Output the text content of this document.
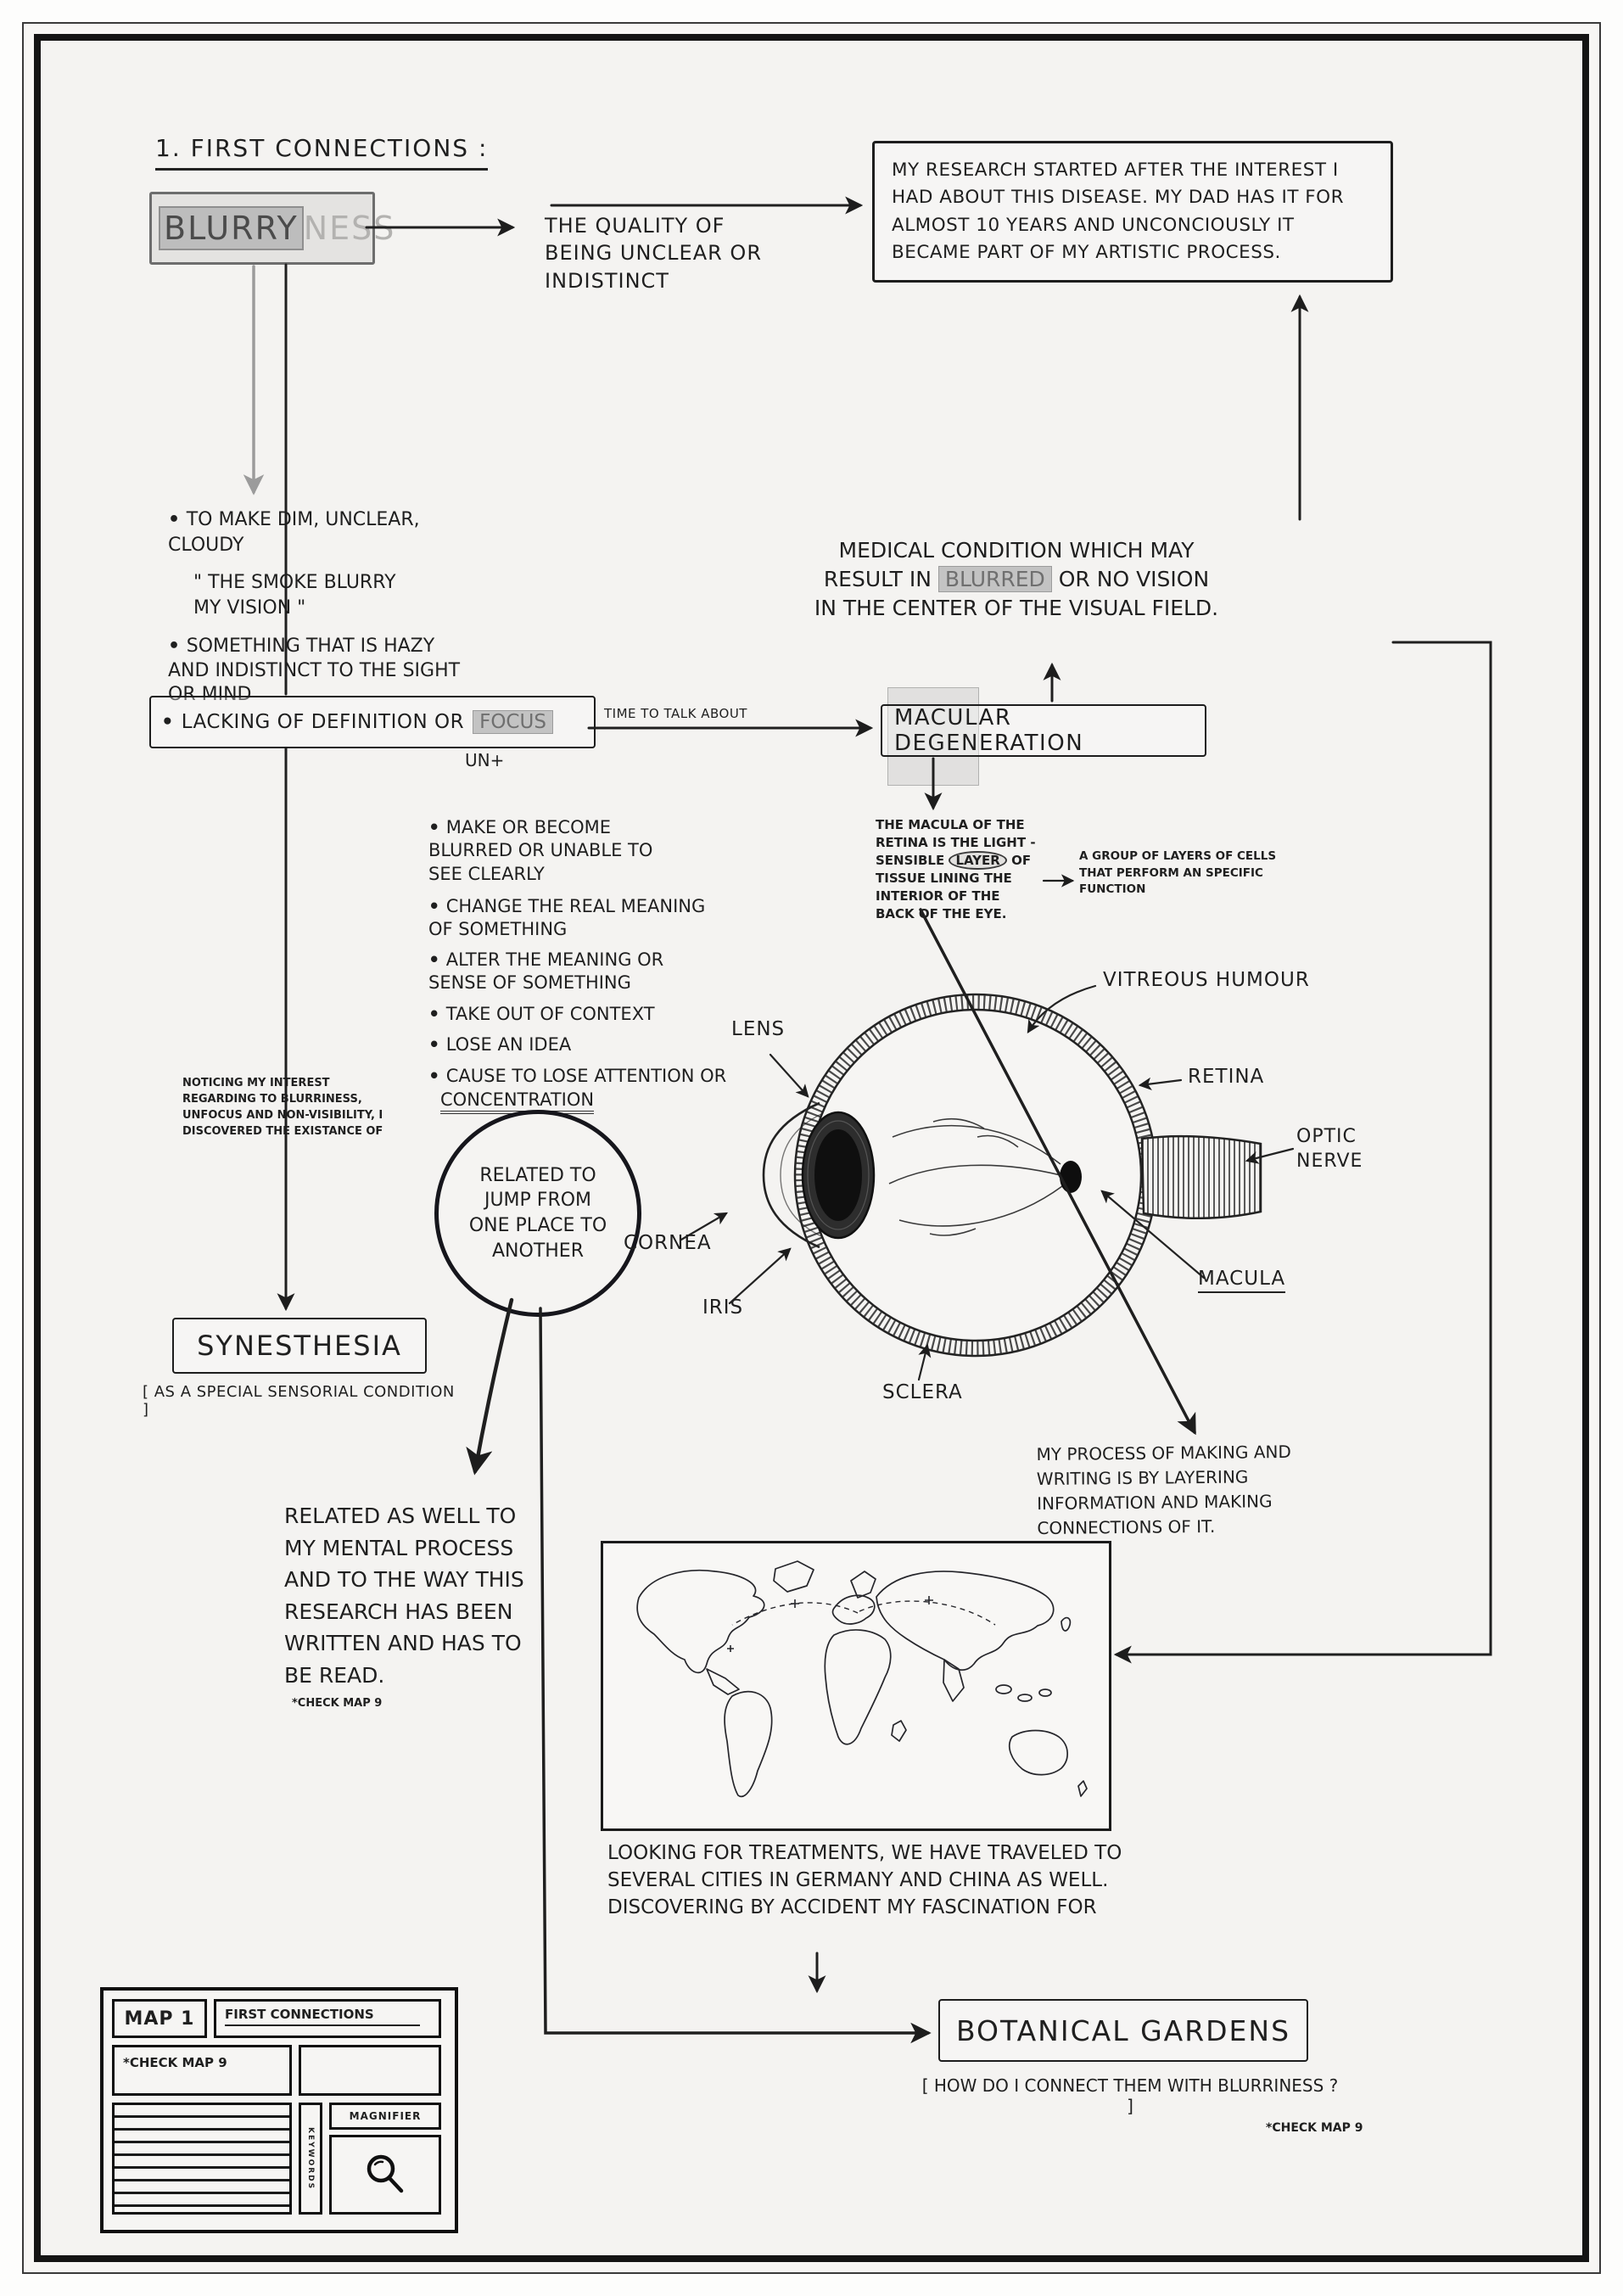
1. FIRST CONNECTIONS :
BLURRY NESS	THE QUALITY OF BEING UNCLEAR OR INDISTINCT
MY RESEARCH STARTED AFTER THE INTEREST I HAD ABOUT THIS DISEASE. MY DAD HAS IT FOR ALMOST 10 YEARS AND UNCONCIOUSLY IT BECAME PART OF MY ARTISTIC PROCESS.
• TO MAKE DIM, UNCLEAR, CLOUDY
" THE SMOKE BLURRY MY VISION "
• SOMETHING THAT IS HAZY AND INDISTINCT TO THE SIGHT OR MIND
• LACKING OF DEFINITION OR FOCUS
UN+
TIME TO TALK ABOUT	MACULAR DEGENERATION
MEDICAL CONDITION WHICH MAY RESULT IN BLURRED OR NO VISION IN THE CENTER OF THE VISUAL FIELD.
THE MACULA OF THE RETINA IS THE LIGHT - SENSIBLE LAYER OF TISSUE LINING THE INTERIOR OF THE BACK OF THE EYE.
A GROUP OF LAYERS OF CELLS THAT PERFORM AN SPECIFIC FUNCTION
• MAKE OR BECOME BLURRED OR UNABLE TO SEE CLEARLY
• CHANGE THE REAL MEANING OF SOMETHING
• ALTER THE MEANING OR SENSE OF SOMETHING
• TAKE OUT OF CONTEXT
• LOSE AN IDEA
• CAUSE TO LOSE ATTENTION OR
CONCENTRATION
RELATED TO JUMP FROM ONE PLACE TO ANOTHER
NOTICING MY INTEREST REGARDING TO BLURRINESS, UNFOCUS AND NON-VISIBILITY, I DISCOVERED THE EXISTANCE OF
SYNESTHESIA
[ AS A SPECIAL SENSORIAL CONDITION ]
RELATED AS WELL TO MY MENTAL PROCESS AND TO THE WAY THIS RESEARCH HAS BEEN WRITTEN AND HAS TO BE READ.
*CHECK MAP 9
MY PROCESS OF MAKING AND WRITING IS BY LAYERING INFORMATION AND MAKING CONNECTIONS OF IT.
LENS
VITREOUS HUMOUR
RETINA
OPTIC NERVE
CORNEA
IRIS
MACULA
SCLERA
LOOKING FOR TREATMENTS, WE HAVE TRAVELED TO SEVERAL CITIES IN GERMANY AND CHINA AS WELL. DISCOVERING BY ACCIDENT MY FASCINATION FOR
BOTANICAL GARDENS
[ HOW DO I CONNECT THEM WITH BLURRINESS ? ]
*CHECK MAP 9
MAP 1	FIRST CONNECTIONS
*CHECK MAP 9
KEYWORDS
MAGNIFIER
